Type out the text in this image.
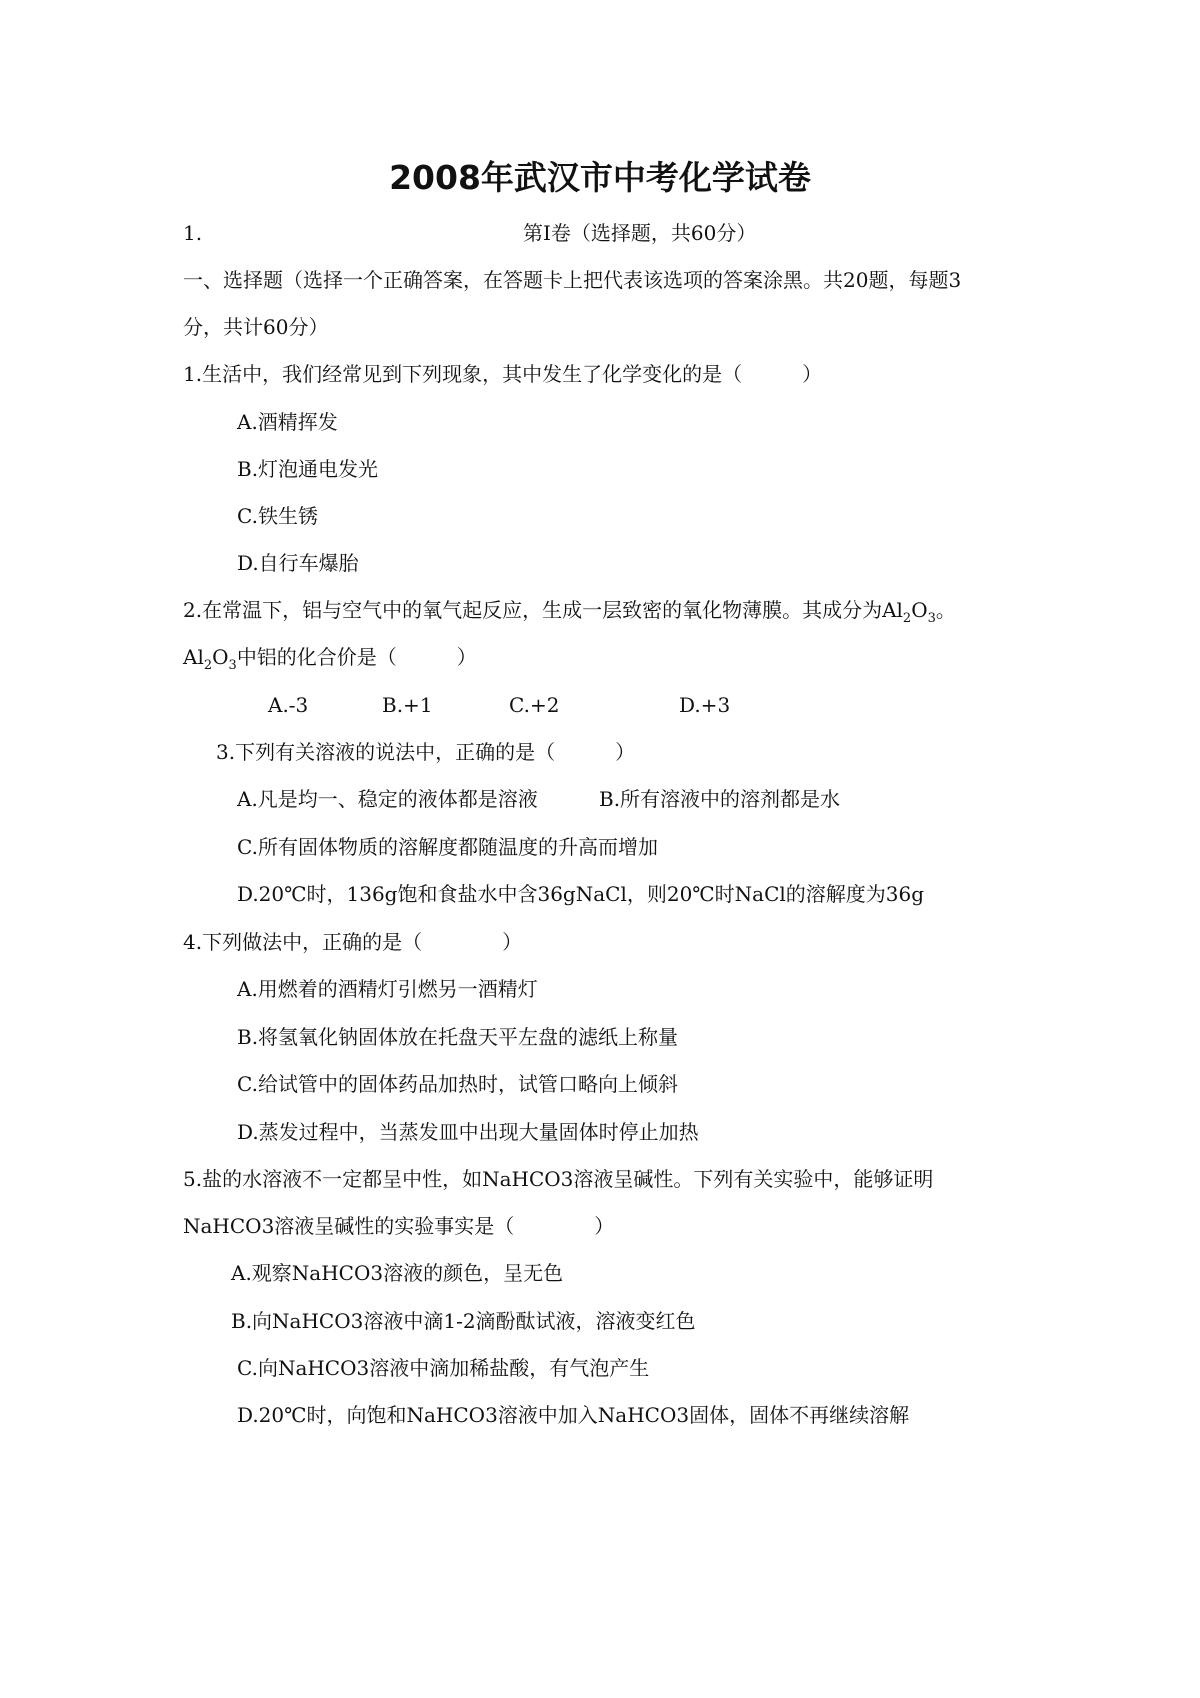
2008年武汉市中考化学试卷
1.	第Ⅰ卷（选择题，共60分）
一、选择题（选择一个正确答案，在答题卡上把代表该选项的答案涂黑。共20题，每题3
分，共计60分）
1.生活中，我们经常见到下列现象，其中发生了化学变化的是（　　　）
A.酒精挥发
B.灯泡通电发光
C.铁生锈
D.自行车爆胎
2.在常温下，铝与空气中的氧气起反应，生成一层致密的氧化物薄膜。其成分为$Al_2O_3$。
$Al_2O_3$中铝的化合价是（　　　）
A.-3	B.+1	C.+2	D.+3
3.下列有关溶液的说法中，正确的是（　　　）
A.凡是均一、稳定的液体都是溶液	B.所有溶液中的溶剂都是水
C.所有固体物质的溶解度都随温度的升高而增加
D.20℃时，136g饱和食盐水中含36gNaCl，则20℃时NaCl的溶解度为36g
4.下列做法中，正确的是（　　　　）
A.用燃着的酒精灯引燃另一酒精灯
B.将氢氧化钠固体放在托盘天平左盘的滤纸上称量
C.给试管中的固体药品加热时，试管口略向上倾斜
D.蒸发过程中，当蒸发皿中出现大量固体时停止加热
5.盐的水溶液不一定都呈中性，如NaHCO3溶液呈碱性。下列有关实验中，能够证明
NaHCO3溶液呈碱性的实验事实是（　　　　）
A.观察NaHCO3溶液的颜色，呈无色
B.向NaHCO3溶液中滴1-2滴酚酞试液，溶液变红色
C.向NaHCO3溶液中滴加稀盐酸，有气泡产生
D.20℃时，向饱和NaHCO3溶液中加入NaHCO3固体，固体不再继续溶解
